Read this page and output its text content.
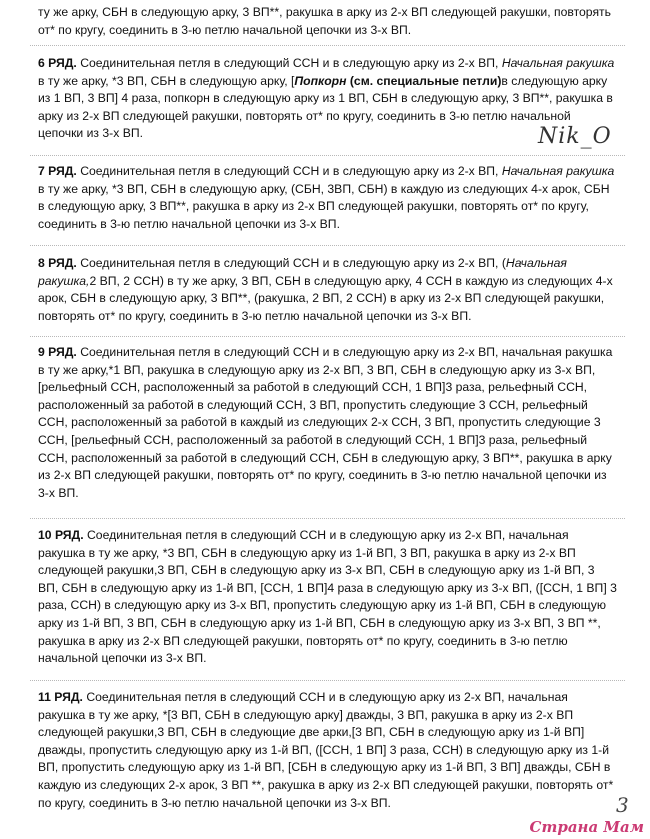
ту же арку, СБН в следующую арку, 3 ВП**, ракушка в арку из 2-х ВП следующей ракушки, повторять от* по кругу, соединить в 3-ю петлю начальной цепочки из 3-х ВП.

6 РЯД. Соединительная петля в следующий ССН и в следующую арку из 2-х ВП, Начальная ракушка в ту же арку, *3 ВП, СБН в следующую арку, [Попкорн (см. специальные петли)в следующую арку из 1 ВП, 3 ВП] 4 раза, попкорн в следующую арку из 1 ВП, СБН в следующую арку, 3 ВП**, ракушка в арку из 2-х ВП следующей ракушки, повторять от* по кругу, соединить в 3-ю петлю начальной цепочки из 3-х ВП.	Nik_O

7 РЯД. Соединительная петля в следующий ССН и в следующую арку из 2-х ВП, Начальная ракушка в ту же арку, *3 ВП, СБН в следующую арку, (СБН, 3ВП, СБН) в каждую из следующих 4-х арок, СБН в следующую арку, 3 ВП**, ракушка в арку из 2-х ВП следующей ракушки, повторять от* по кругу, соединить в 3-ю петлю начальной цепочки из 3-х ВП.

8 РЯД. Соединительная петля в следующий ССН и в следующую арку из 2-х ВП, (Начальная ракушка,2 ВП, 2 ССН) в ту же арку, 3 ВП, СБН в следующую арку, 4 ССН в каждую из следующих 4-х арок, СБН в следующую арку, 3 ВП**, (ракушка, 2 ВП, 2 ССН) в арку из 2-х ВП следующей ракушки, повторять от* по кругу, соединить в 3-ю петлю начальной цепочки из 3-х ВП.

9 РЯД. Соединительная петля в следующий ССН и в следующую арку из 2-х ВП, начальная ракушка в ту же арку,*1 ВП, ракушка в следующую арку из 2-х ВП, 3 ВП, СБН в следующую арку из 3-х ВП, [рельефный ССН, расположенный за работой в следующий ССН, 1 ВП]3 раза, рельефный ССН, расположенный за работой в следующий ССН, 3 ВП, пропустить следующие 3 ССН, рельефный ССН, расположенный за работой в каждый из следующих 2-х ССН, 3 ВП, пропустить следующие 3 ССН, [рельефный ССН, расположенный за работой в следующий ССН, 1 ВП]3 раза, рельефный ССН, расположенный за работой в следующий ССН, СБН в следующую арку, 3 ВП**, ракушка в арку из 2-х ВП следующей ракушки, повторять от* по кругу, соединить в 3-ю петлю начальной цепочки из 3-х ВП.

10 РЯД. Соединительная петля в следующий ССН и в следующую арку из 2-х ВП, начальная ракушка в ту же арку, *3 ВП, СБН в следующую арку из 1-й ВП, 3 ВП, ракушка в арку из 2-х ВП следующей ракушки,3 ВП, СБН в следующую арку из 3-х ВП, СБН в следующую арку из 1-й ВП, 3 ВП, СБН в следующую арку из 1-й ВП, [ССН, 1 ВП]4 раза в следующую арку из 3-х ВП, ([ССН, 1 ВП] 3 раза, ССН) в следующую арку из 3-х ВП, пропустить следующую арку из 1-й ВП, СБН в следующую арку из 1-й ВП, 3 ВП, СБН в следующую арку из 1-й ВП, СБН в следующую арку из 3-х ВП, 3 ВП **, ракушка в арку из 2-х ВП следующей ракушки, повторять от* по кругу, соединить в 3-ю петлю начальной цепочки из 3-х ВП.

11 РЯД. Соединительная петля в следующий ССН и в следующую арку из 2-х ВП, начальная ракушка в ту же арку, *[3 ВП, СБН в следующую арку] дважды, 3 ВП, ракушка в арку из 2-х ВП следующей ракушки,3 ВП, СБН в следующие две арки,[3 ВП, СБН в следующую арку из 1-й ВП] дважды, пропустить следующую арку из 1-й ВП, ([ССН, 1 ВП] 3 раза, ССН) в следующую арку из 1-й ВП, пропустить следующую арку из 1-й ВП, [СБН в следующую арку из 1-й ВП, 3 ВП] дважды, СБН в каждую из следующих 2-х арок, 3 ВП **, ракушка в арку из 2-х ВП следующей ракушки, повторять от* по кругу, соединить в 3-ю петлю начальной цепочки из 3-х ВП.	3
Страна Мам
